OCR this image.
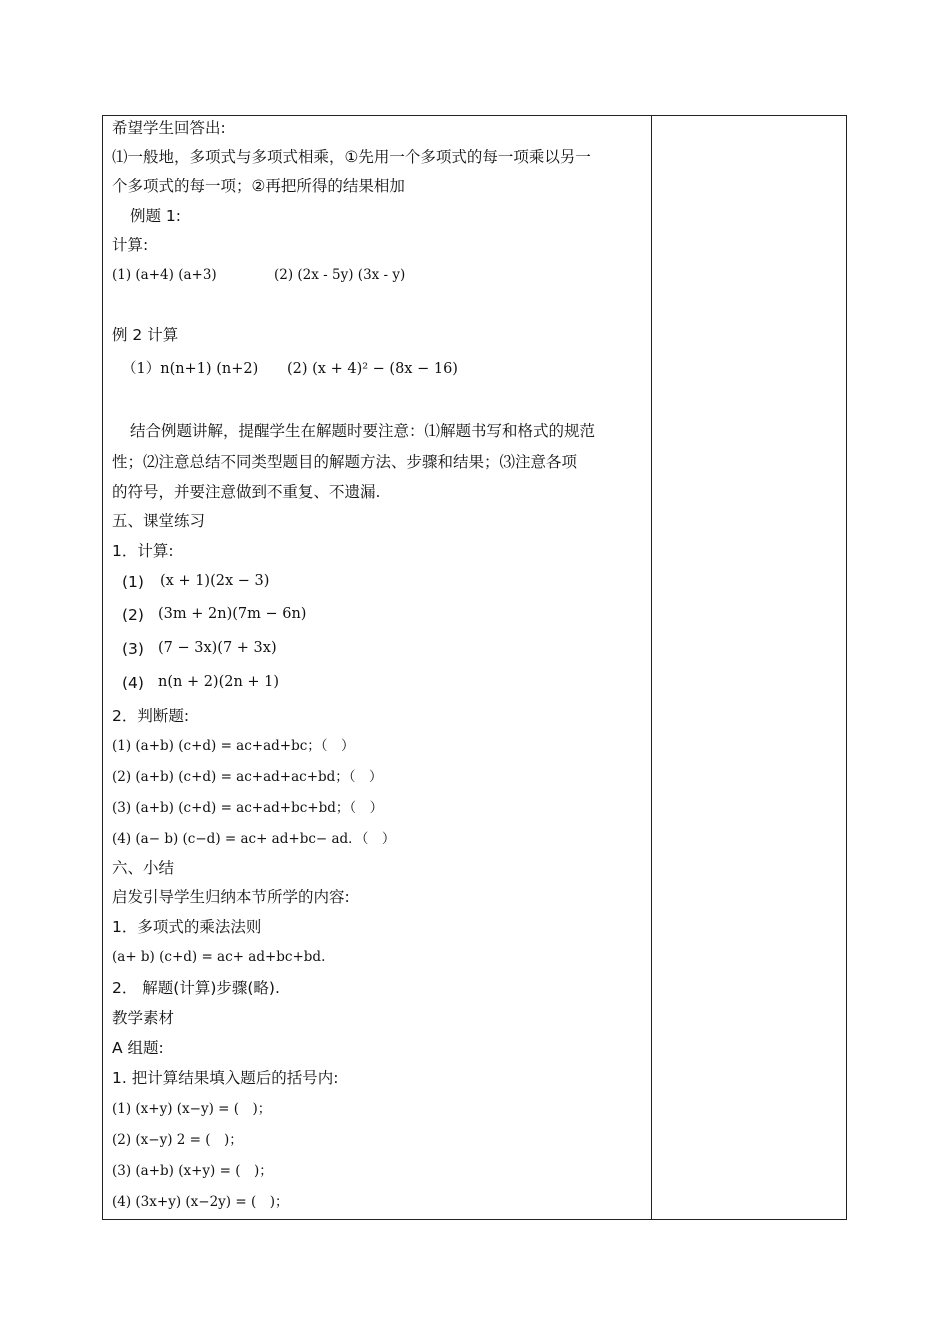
希望学生回答出:
⑴一般地，多项式与多项式相乘，①先用一个多项式的每一项乘以另一
个多项式的每一项；②再把所得的结果相加
例题 1:
计算:
(1) (a+4) (a+3)	(2) (2x - 5y) (3x - y)
例 2 计算
（1）n(n+1) (n+2) (2) (x + 4)² − (8x − 16)
结合例题讲解，提醒学生在解题时要注意：⑴解题书写和格式的规范
性；⑵注意总结不同类型题目的解题方法、步骤和结果；⑶注意各项
的符号，并要注意做到不重复、不遗漏.
五、课堂练习
1．计算:
(1) (x + 1)(2x − 3)
(2) (3m + 2n)(7m − 6n)
(3) (7 − 3x)(7 + 3x)
(4) n(n + 2)(2n + 1)
2．判断题:
(1) (a+b) (c+d) = ac+ad+bc；（　）
(2) (a+b) (c+d) = ac+ad+ac+bd；（　）
(3) (a+b) (c+d) = ac+ad+bc+bd；（　）
(4) (a− b) (c−d) = ac+ ad+bc− ad．（　）
六、小结
启发引导学生归纳本节所学的内容:
1．多项式的乘法法则
(a+ b) (c+d) = ac+ ad+bc+bd.
2． 解题(计算)步骤(略).
教学素材
A 组题:
1. 把计算结果填入题后的括号内:
(1) (x+y) (x−y) = (　)；
(2) (x−y) 2 = (　)；
(3) (a+b) (x+y) = (　)；
(4) (3x+y) (x−2y) = (　)；
